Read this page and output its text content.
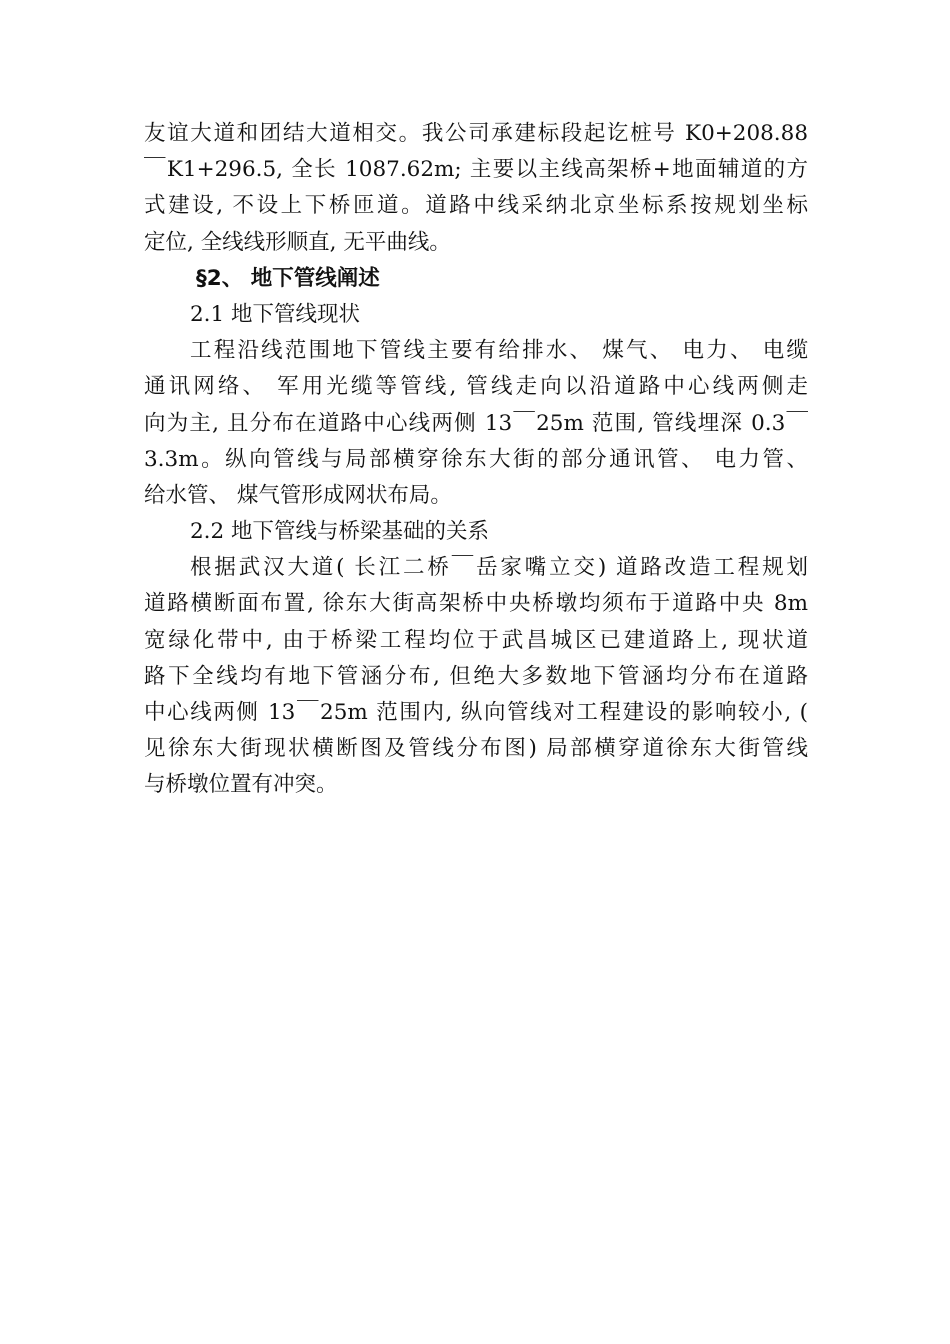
友谊大道和团结大道相交。我公司承建标段起讫桩号 K0+208.88
￣K1+296.5, 全长 1087.62m; 主要以主线高架桥+地面辅道的方
式建设, 不设上下桥匝道。道路中线采纳北京坐标系按规划坐标
定位, 全线线形顺直, 无平曲线。
§2、 地下管线阐述
2.1 地下管线现状
工程沿线范围地下管线主要有给排水、 煤气、 电力、 电缆
通讯网络、 军用光缆等管线, 管线走向以沿道路中心线两侧走
向为主, 且分布在道路中心线两侧 13￣25m 范围, 管线埋深 0.3￣
3.3m。纵向管线与局部横穿徐东大街的部分通讯管、 电力管、
给水管、 煤气管形成网状布局。
2.2 地下管线与桥梁基础的关系
根据武汉大道( 长江二桥￣岳家嘴立交) 道路改造工程规划
道路横断面布置, 徐东大街高架桥中央桥墩均须布于道路中央 8m
宽绿化带中, 由于桥梁工程均位于武昌城区已建道路上, 现状道
路下全线均有地下管涵分布, 但绝大多数地下管涵均分布在道路
中心线两侧 13￣25m 范围内, 纵向管线对工程建设的影响较小, (
见徐东大街现状横断图及管线分布图) 局部横穿道徐东大街管线
与桥墩位置有冲突。
